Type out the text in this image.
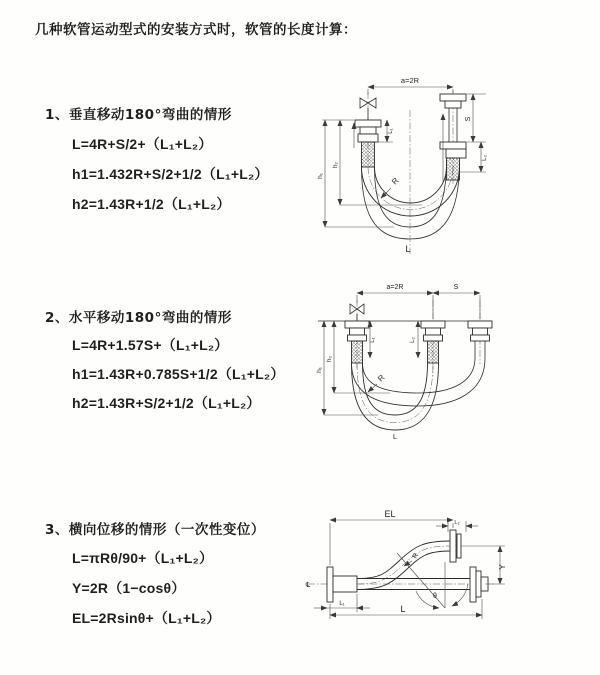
几种软管运动型式的安装方式时，软管的长度计算：
1、垂直移动180°弯曲的情形
L=4R+S/2+（L₁+L₂）
h1=1.432R+S/2+1/2（L₁+L₂）
h2=1.43R+1/2（L₁+L₂）
2、水平移动180°弯曲的情形
L=4R+1.57S+（L₁+L₂）
h1=1.43R+0.785S+1/2（L₁+L₂）
h2=1.43R+S/2+1/2（L₁+L₂）
3、横向位移的情形（一次性变位）
L=πRθ/90+（L₁+L₂）
Y=2R（1−cosθ）
EL=2Rsinθ+（L₁+L₂）
a=2R
h₁
h₂
L₁
S
L₂
R
L
a=2R	S
L₁	L₂
h₁
h₂
R
L
EL
L₂
℄
L₁
θ
R
Y
L
